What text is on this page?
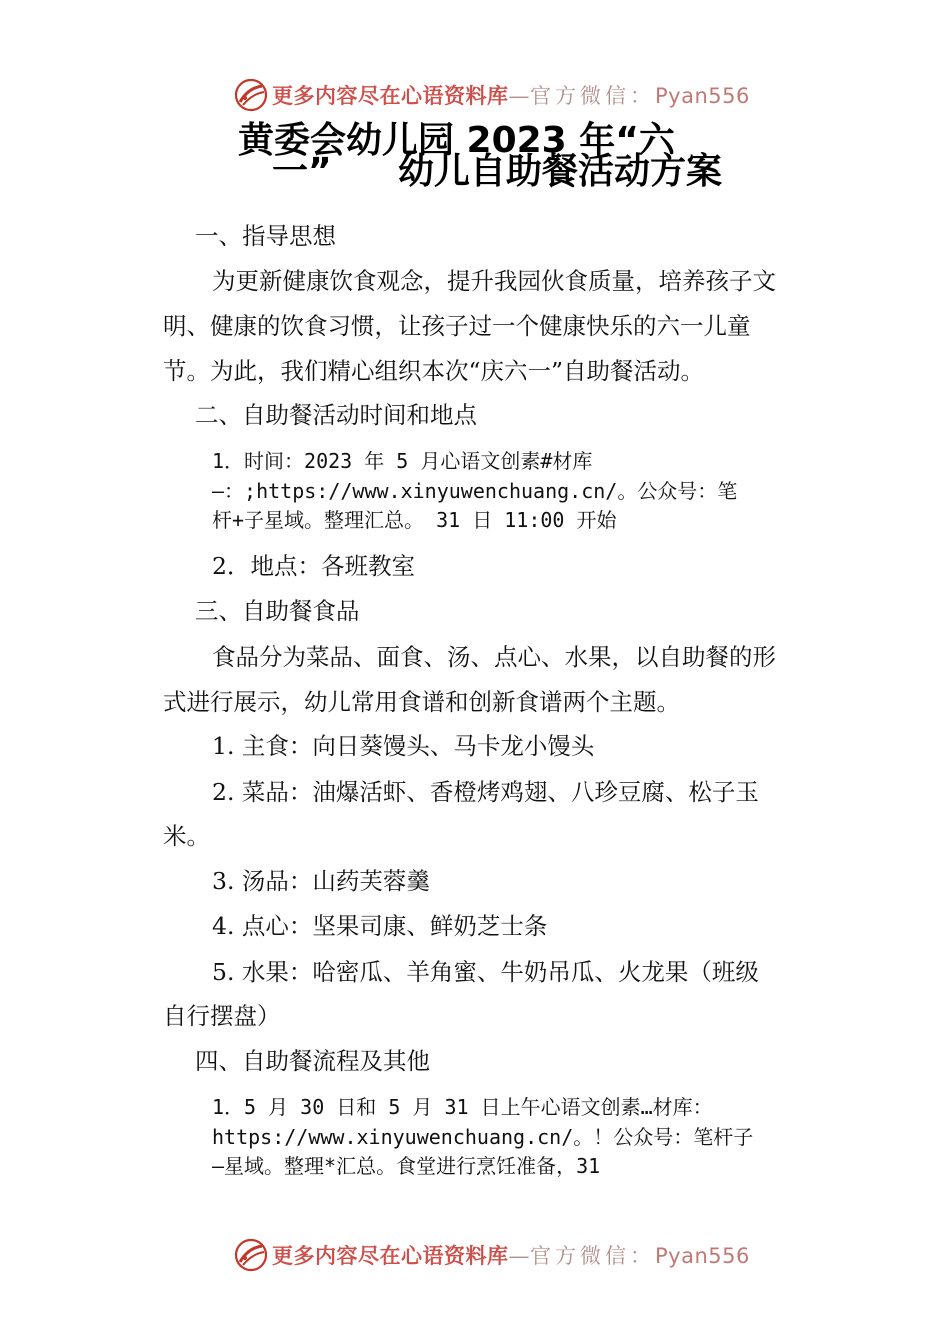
更多内容尽在心语资料库—官方微信：Pyan556
黄委会幼儿园 2023 年“六
一” 幼儿自助餐活动方案
一、指导思想
为更新健康饮食观念，提升我园伙食质量，培养孩子文
明、健康的饮食习惯，让孩子过一个健康快乐的六一儿童
节。为此，我们精心组织本次“庆六一”自助餐活动。
二、自助餐活动时间和地点
1．时间：2023 年 5 月心语文创素#材库
—：;https://www.xinyuwenchuang.cn/。公众号：笔
杆+子星域。整理汇总。 31 日 11:00 开始
2．地点：各班教室
三、自助餐食品
食品分为菜品、面食、汤、点心、水果，以自助餐的形
式进行展示，幼儿常用食谱和创新食谱两个主题。
1. 主食：向日葵馒头、马卡龙小馒头
2. 菜品：油爆活虾、香橙烤鸡翅、八珍豆腐、松子玉
米。
3. 汤品：山药芙蓉羹
4. 点心：坚果司康、鲜奶芝士条
5. 水果：哈密瓜、羊角蜜、牛奶吊瓜、火龙果（班级
自行摆盘）
四、自助餐流程及其他
1．5 月 30 日和 5 月 31 日上午心语文创素…材库：
https://www.xinyuwenchuang.cn/。！公众号：笔杆子
—星域。整理*汇总。食堂进行烹饪准备，31
更多内容尽在心语资料库—官方微信：Pyan556
